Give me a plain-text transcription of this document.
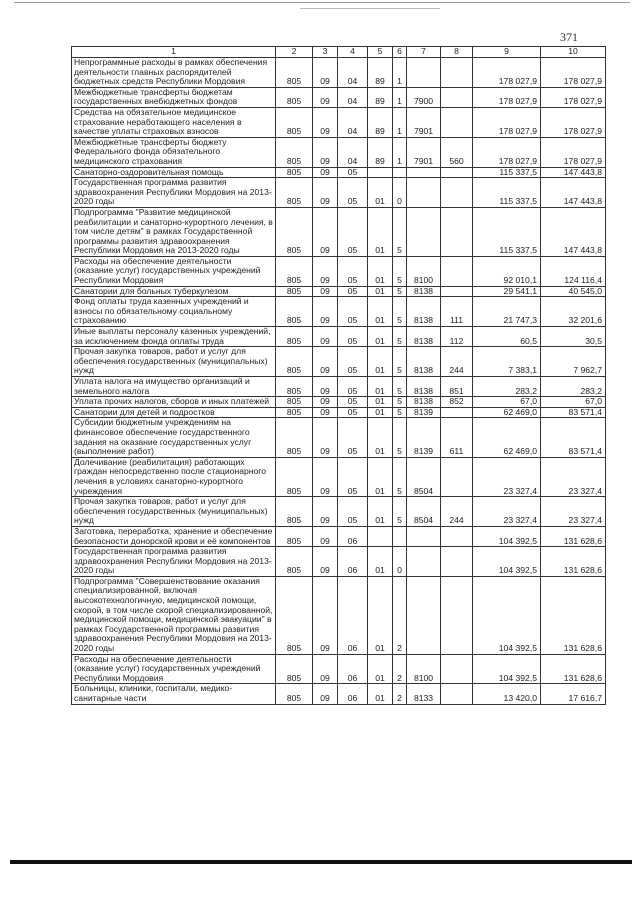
371
1	2	3	4	5	6	7	8	9	10
Непрограммные расходы в рамках обеспечения деятельности главных распорядителей бюджетных средств Республики Мордовия	805	09	04	89	1			178 027,9	178 027,9
Межбюджетные трансферты бюджетам государственных внебюджетных фондов	805	09	04	89	1	7900		178 027,9	178 027,9
Средства на обязательное медицинское страхование неработающего населения в качестве уплаты страховых взносов	805	09	04	89	1	7901		178 027,9	178 027,9
Межбюджетные трансферты бюджету Федерального фонда обязательного медицинского страхования	805	09	04	89	1	7901	560	178 027,9	178 027,9
Санаторно-оздоровительная помощь	805	09	05					115 337,5	147 443,8
Государственная программа развития здравоохранения Республики Мордовия на 2013-2020 годы	805	09	05	01	0			115 337,5	147 443,8
Подпрограмма "Развитие медицинской реабилитации и санаторно-курортного лечения, в том числе детям" в рамках Государственной программы развития здравоохранения Республики Мордовия на 2013-2020 годы	805	09	05	01	5			115 337,5	147 443,8
Расходы на обеспечение деятельности (оказание услуг) государственных учреждений Республики Мордовия	805	09	05	01	5	8100		92 010,1	124 116,4
Санатории для больных туберкулезом	805	09	05	01	5	8138		29 541,1	40 545,0
Фонд оплаты труда казенных учреждений и взносы по обязательному социальному страхованию	805	09	05	01	5	8138	111	21 747,3	32 201,6
Иные выплаты персоналу казенных учреждений, за исключением фонда оплаты труда	805	09	05	01	5	8138	112	60,5	30,5
Прочая закупка товаров, работ и услуг для обеспечения государственных (муниципальных) нужд	805	09	05	01	5	8138	244	7 383,1	7 962,7
Уплата налога на имущество организаций и земельного налога	805	09	05	01	5	8138	851	283,2	283,2
Уплата прочих налогов, сборов и иных платежей	805	09	05	01	5	8138	852	67,0	67,0
Санатории для детей и подростков	805	09	05	01	5	8139		62 469,0	83 571,4
Субсидии бюджетным учреждениям на финансовое обеспечение государственного задания на оказание государственных услуг (выполнение работ)	805	09	05	01	5	8139	611	62 469,0	83 571,4
Долечивание (реабилитация) работающих граждан непосредственно после стационарного лечения в условиях санаторно-курортного учреждения	805	09	05	01	5	8504		23 327,4	23 327,4
Прочая закупка товаров, работ и услуг для обеспечения государственных (муниципальных) нужд	805	09	05	01	5	8504	244	23 327,4	23 327,4
Заготовка, переработка, хранение и обеспечение безопасности донорской крови и её компонентов	805	09	06					104 392,5	131 628,6
Государственная программа развития здравоохранения Республики Мордовия на 2013-2020 годы	805	09	06	01	0			104 392,5	131 628,6
Подпрограмма "Совершенствование оказания специализированной, включая высокотехнологичную, медицинской помощи, скорой, в том числе скорой специализированной, медицинской помощи, медицинской эвакуации" в рамках Государственной программы развития здравоохранения Республики Мордовия на 2013-2020 годы	805	09	06	01	2			104 392,5	131 628,6
Расходы на обеспечение деятельности (оказание услуг) государственных учреждений Республики Мордовия	805	09	06	01	2	8100		104 392,5	131 628,6
Больницы, клиники, госпитали, медико-санитарные части	805	09	06	01	2	8133		13 420,0	17 616,7
